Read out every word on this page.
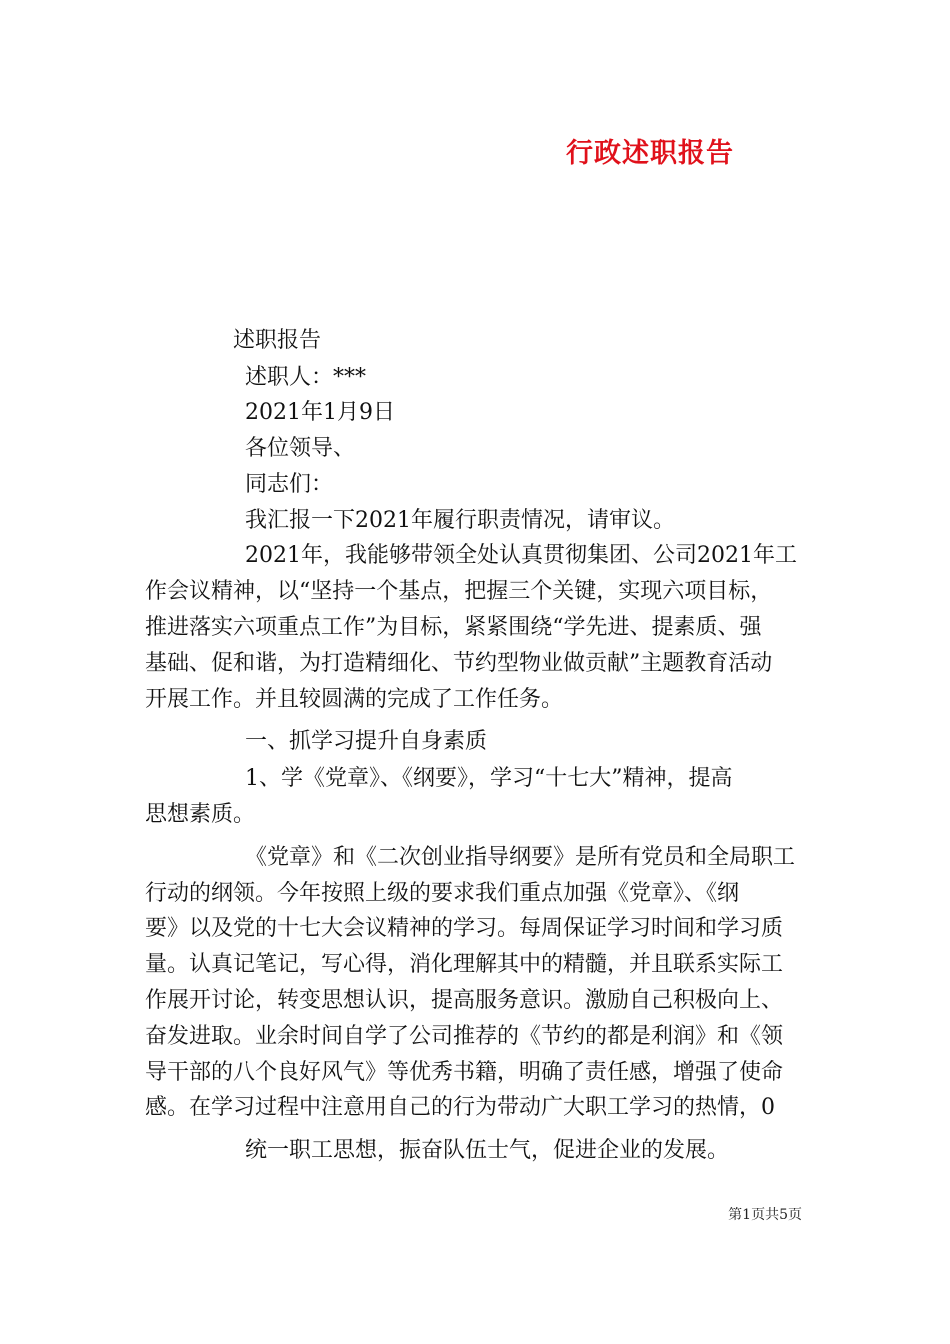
行政述职报告
述职报告
述职人：***
2021年1月9日
各位领导、
同志们：
我汇报一下2021年履行职责情况，请审议。
2021年，我能够带领全处认真贯彻集团、公司2021年工
作会议精神，以“坚持一个基点，把握三个关键，实现六项目标，
推进落实六项重点工作”为目标，紧紧围绕“学先进、提素质、强
基础、促和谐，为打造精细化、节约型物业做贡献”主题教育活动
开展工作。并且较圆满的完成了工作任务。
一、抓学习提升自身素质
1、学《党章》、《纲要》，学习“十七大”精神，提高
思想素质。
《党章》和《二次创业指导纲要》是所有党员和全局职工
行动的纲领。今年按照上级的要求我们重点加强《党章》、《纲
要》以及党的十七大会议精神的学习。每周保证学习时间和学习质
量。认真记笔记，写心得，消化理解其中的精髓，并且联系实际工
作展开讨论，转变思想认识，提高服务意识。激励自己积极向上、
奋发进取。业余时间自学了公司推荐的《节约的都是利润》和《领
导干部的八个良好风气》等优秀书籍，明确了责任感，增强了使命
感。在学习过程中注意用自己的行为带动广大职工学习的热情，0
统一职工思想，振奋队伍士气，促进企业的发展。
第1页共5页
